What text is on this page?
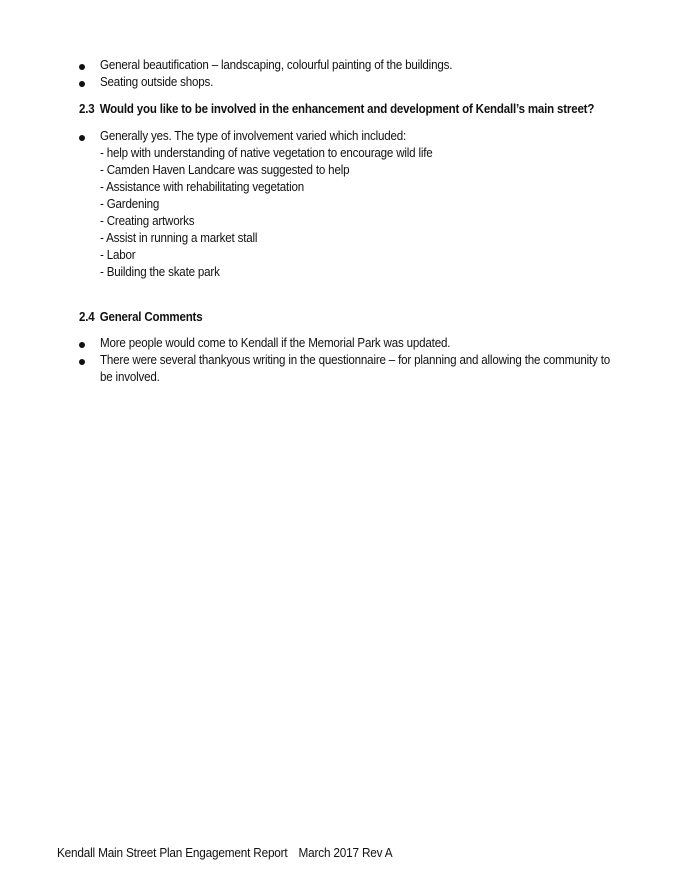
General beautification – landscaping, colourful painting of the buildings.
Seating outside shops.
2.3 Would you like to be involved in the enhancement and development of Kendall’s main street?
Generally yes. The type of involvement varied which included:
- help with understanding of native vegetation to encourage wild life
- Camden Haven Landcare was suggested to help
- Assistance with rehabilitating vegetation
- Gardening
- Creating artworks
- Assist in running a market stall
- Labor
- Building the skate park
2.4 General Comments
More people would come to Kendall if the Memorial Park was updated.
There were several thankyous writing in the questionnaire – for planning and allowing the community to
be involved.
Kendall Main Street Plan Engagement Report March 2017 Rev A
